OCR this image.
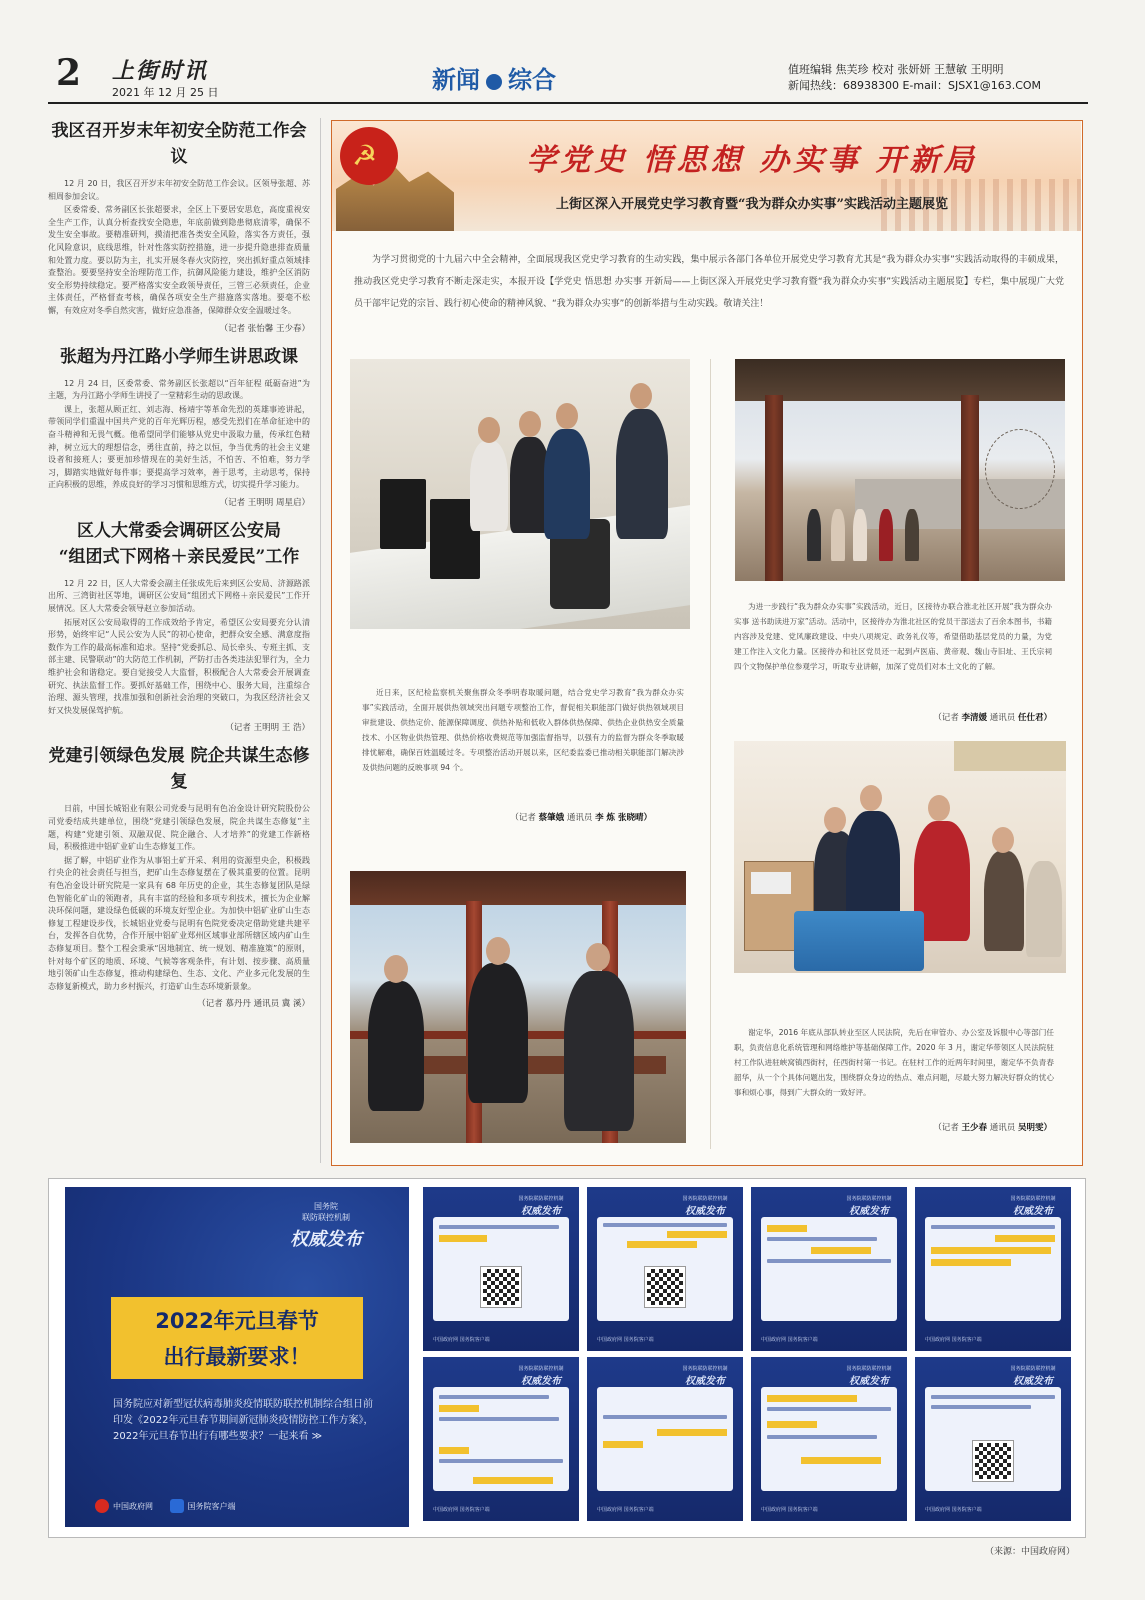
2 上街时讯
2021 年 12 月 25 日	新闻 综合	值班编辑 焦芙珍 校对 张妍妍 王慧敏 王明明
新闻热线：68938300 E-mail：SJSX1@163.COM
我区召开岁末年初安全防范工作会议

12 月 20 日，我区召开岁末年初安全防范工作会议。区领导张超、苏相周参加会议。

区委常委、常务副区长张超要求，全区上下要居安思危，高度重视安全生产工作，认真分析查找安全隐患，年底前做到隐患彻底清零，确保不发生安全事故。要精准研判，摸清把准各类安全风险，落实各方责任，强化风险意识，底线思维，针对性落实防控措施，进一步提升隐患排查质量和处置力度。要以防为主，扎实开展冬春火灾防控，突出抓好重点领域排查整治。要要坚持安全治理防范工作，抗御风险能力建设，维护全区消防安全形势持续稳定。要严格落实安全政领导责任，三管三必须责任，企业主体责任，严格督查考核，确保各项安全生产措施落实落地。要毫不松懈，有效应对冬季自然灾害，做好应急准备，保障群众安全温暖过冬。

（记者 张怡馨 王少春）
张超为丹江路小学师生讲思政课

12 月 24 日，区委常委、常务副区长张超以“百年征程 砥砺奋进”为主题，为丹江路小学师生讲授了一堂精彩生动的思政课。

课上，张超从顾正红、刘志海、杨靖宇等革命先烈的英雄事迹讲起，带领同学们重温中国共产党的百年光辉历程，感受先烈们在革命征途中的奋斗精神和无畏气概。他希望同学们能够从党史中汲取力量，传承红色精神，树立远大的理想信念，勇往直前，持之以恒，争当优秀的社会主义建设者和接班人；要更加珍惜现在的美好生活，不怕苦、不怕难，努力学习，脚踏实地做好每件事；要提高学习效率，善于思考，主动思考，保持正向积极的思维，养成良好的学习习惯和思维方式，切实提升学习能力。

（记者 王明明 周星启）
区人大常委会调研区公安局
“组团式下网格＋亲民爱民”工作

12 月 22 日，区人大常委会副主任张成先后来到区公安局、济源路派出所、三湾街社区等地，调研区公安局“组团式下网格＋亲民爱民”工作开展情况。区人大常委会领导赵立参加活动。

拓展对区公安局取得的工作成效给予肯定，希望区公安局要充分认清形势，始终牢记“人民公安为人民”的初心使命，把群众安全感、满意度指数作为工作的最高标准和追求。坚持“党委抓总、局长牵头、专班主抓、支部主建、民警联动”的大防范工作机制，严防打击各类违法犯罪行为，全力维护社会和谐稳定。要自觉接受人大监督，积极配合人大常委会开展调查研究、执法监督工作。要抓好基础工作，围绕中心、服务大局，注重综合治理、源头管理，找准加强和创新社会治理的突破口，为我区经济社会又好又快发展保驾护航。

（记者 王明明 王 浩）
党建引领绿色发展 院企共谋生态修复

日前，中国长城铝业有限公司党委与昆明有色冶金设计研究院股份公司党委结成共建单位，围绕“党建引领绿色发展，院企共谋生态修复”主题，构建“党建引领、双融双促、院企融合、人才培养”的党建工作新格局，积极推进中铝矿业矿山生态修复工作。

据了解，中铝矿业作为从事铝土矿开采、利用的资源型央企，积极践行央企的社会责任与担当，把矿山生态修复摆在了极其重要的位置。昆明有色冶金设计研究院是一家具有 68 年历史的企业，其生态修复团队是绿色智能化矿山的领跑者，具有丰富的经验和多项专利技术，擅长为企业解决环保问题，建设绿色低碳的环境友好型企业。为加快中铝矿业矿山生态修复工程建设步伐，长城铝业党委与昆明有色院党委决定借助党建共建平台，发挥各自优势，合作开展中铝矿业郑州区域事业部所辖区域内矿山生态修复项目。整个工程会秉承“因地制宜、统一规划、精准施策”的原则，针对每个矿区的地质、环境、气候等客观条件，有计划、按步骤、高质量地引领矿山生态修复，推动构建绿色、生态、文化、产业多元化发展的生态修复新模式，助力乡村振兴，打造矿山生态环境新景象。

（记者 慕丹丹 通讯员 冀 溪）
☭	学党史 悟思想 办实事 开新局
上街区深入开展党史学习教育暨“我为群众办实事”实践活动主题展览
为学习贯彻党的十九届六中全会精神，全面展现我区党史学习教育的生动实践，集中展示各部门各单位开展党史学习教育尤其是“我为群众办实事”实践活动取得的丰硕成果，推动我区党史学习教育不断走深走实，本报开设【学党史 悟思想 办实事 开新局——上街区深入开展党史学习教育暨“我为群众办实事”实践活动主题展览】专栏，集中展现广大党员干部牢记党的宗旨、践行初心使命的精神风貌、“我为群众办实事”的创新举措与生动实践。敬请关注！
为进一步践行“我为群众办实事”实践活动，近日，区接待办联合淮北社区开展“我为群众办实事 送书助读进万家”活动。活动中，区接待办为淮北社区的党员干部送去了百余本图书，书籍内容涉及党建、党风廉政建设、中央八项规定、政务礼仪等，希望借助基层党员的力量，为党建工作注入文化力量。区接待办和社区党员还一起到卢医庙、黄帝观、魏山寺旧址、王氏宗祠四个文物保护单位参观学习，听取专业讲解，加深了党员们对本土文化的了解。
（记者 李清媛 通讯员 任仕君）
近日来，区纪检监察机关聚焦群众冬季明春取暖问题，结合党史学习教育“我为群众办实事”实践活动，全面开展供热领域突出问题专项整治工作，督促相关职能部门做好供热领域项目审批建设、供热定价、能源保障调度、供热补贴和低收入群体供热保障、供热企业供热安全质量技术、小区物业供热管理、供热价格收费规范等加强监督指导，以强有力的监督为群众冬季取暖排忧解难，确保百姓温暖过冬。专项整治活动开展以来，区纪委监委已推动相关职能部门解决涉及供热问题的反映事项 94 个。
（记者 蔡肇娥 通讯员 李 炼 张晓晴）
谢定华，2016 年底从部队转业至区人民法院，先后在审管办、办公室及诉服中心等部门任职，负责信息化系统管理和网络维护等基础保障工作。2020 年 3 月，谢定华带领区人民法院驻村工作队进驻峡窝镇西街村，任西街村第一书记。在驻村工作的近两年时间里，谢定华不负青春韶华，从一个个具体问题出发，围绕群众身边的热点、难点问题，尽最大努力解决好群众的忧心事和烦心事，得到广大群众的一致好评。
（记者 王少春 通讯员 吴明雯）
国务院
联防联控机制
权威发布
2022年元旦春节
出行最新要求！
国务院应对新型冠状病毒肺炎疫情联防联控机制综合组日前印发《2022年元旦春节期间新冠肺炎疫情防控工作方案》，2022年元旦春节出行有哪些要求？一起来看 ≫
中国政府网	国务院客户端
国务院联防联控机制
权威发布
中国政府网 国务院客户端
国务院联防联控机制
权威发布
中国政府网 国务院客户端
国务院联防联控机制
权威发布
中国政府网 国务院客户端
国务院联防联控机制
权威发布
中国政府网 国务院客户端
国务院联防联控机制
权威发布
中国政府网 国务院客户端
国务院联防联控机制
权威发布
中国政府网 国务院客户端
国务院联防联控机制
权威发布
中国政府网 国务院客户端
国务院联防联控机制
权威发布
中国政府网 国务院客户端
（来源：中国政府网）
